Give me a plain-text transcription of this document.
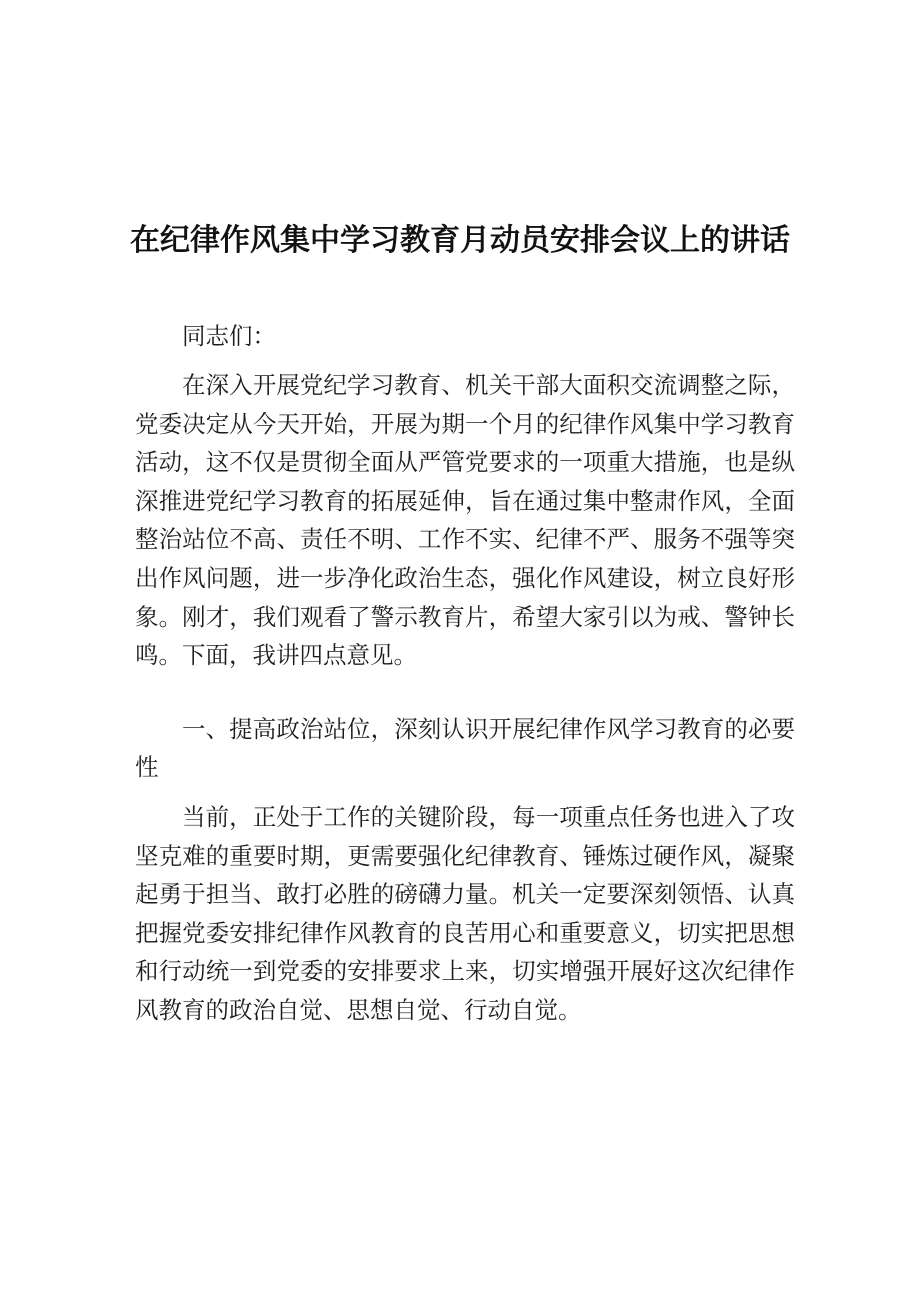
在纪律作风集中学习教育月动员安排会议上的讲话

同志们：

在深入开展党纪学习教育、机关干部大面积交流调整之际，党委决定从今天开始，开展为期一个月的纪律作风集中学习教育活动，这不仅是贯彻全面从严管党要求的一项重大措施，也是纵深推进党纪学习教育的拓展延伸，旨在通过集中整肃作风，全面整治站位不高、责任不明、工作不实、纪律不严、服务不强等突出作风问题，进一步净化政治生态，强化作风建设，树立良好形象。刚才，我们观看了警示教育片，希望大家引以为戒、警钟长鸣。下面，我讲四点意见。

一、提高政治站位，深刻认识开展纪律作风学习教育的必要性

当前，正处于工作的关键阶段，每一项重点任务也进入了攻坚克难的重要时期，更需要强化纪律教育、锤炼过硬作风，凝聚起勇于担当、敢打必胜的磅礴力量。机关一定要深刻领悟、认真把握党委安排纪律作风教育的良苦用心和重要意义，切实把思想和行动统一到党委的安排要求上来，切实增强开展好这次纪律作风教育的政治自觉、思想自觉、行动自觉。
